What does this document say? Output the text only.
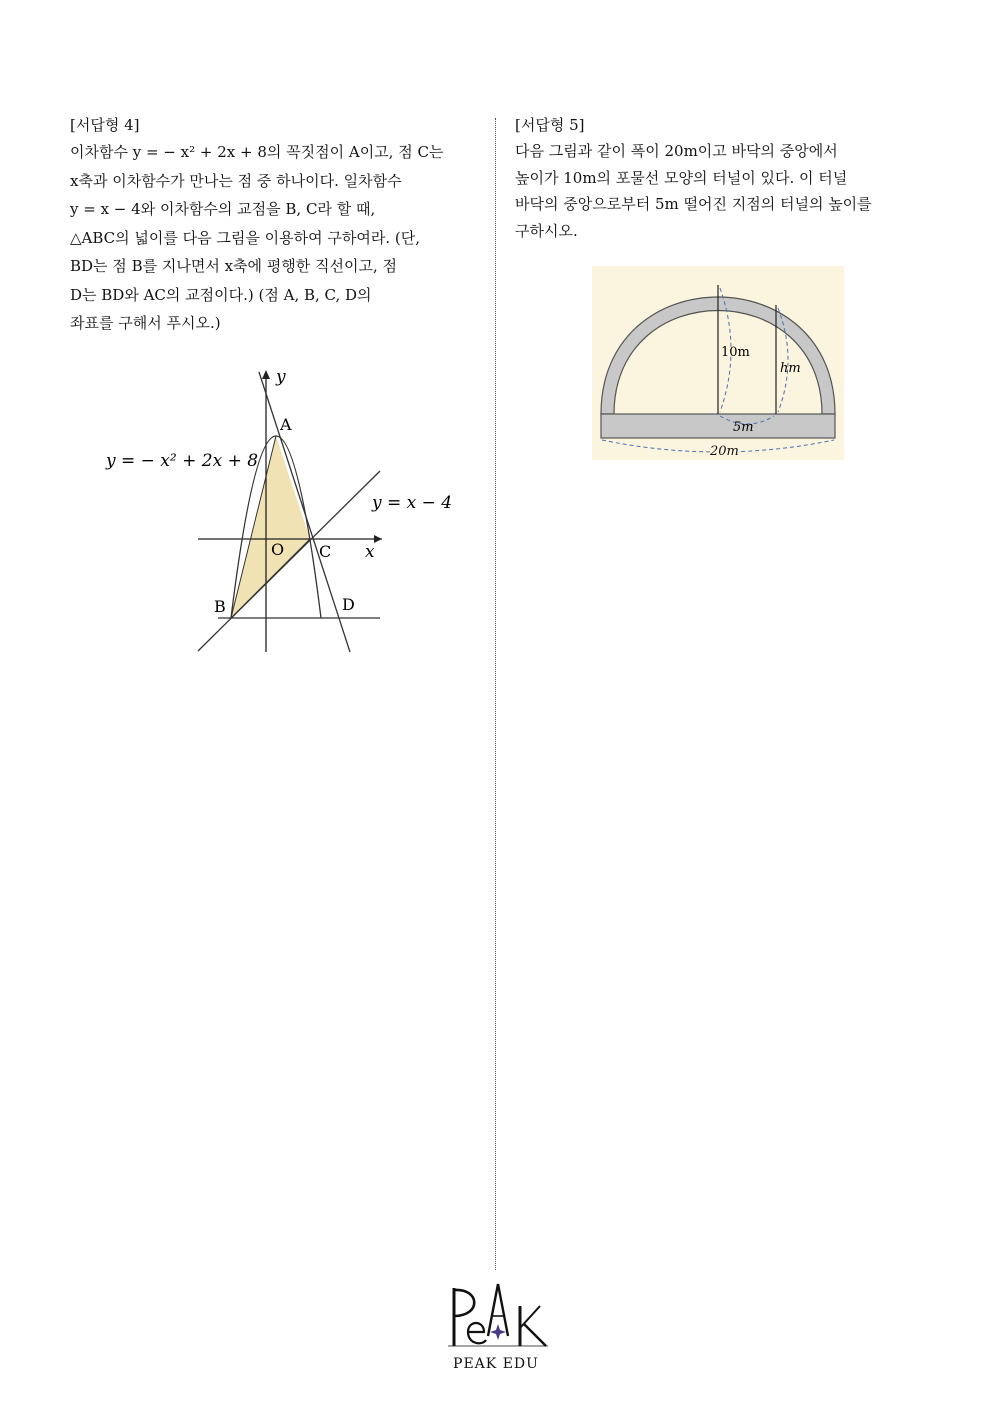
[서답형 4]

이차함수 y = − x² + 2x + 8의 꼭짓점이 A이고, 점 C는
x축과 이차함수가 만나는 점 중 하나이다. 일차함수
y = x − 4와 이차함수의 교점을 B, C라 할 때,
△ABC의 넓이를 다음 그림을 이용하여 구하여라. (단,
BD는 점 B를 지나면서 x축에 평행한 직선이고, 점
D는 BD와 AC의 교점이다.) (점 A, B, C, D의
좌표를 구해서 푸시오.)

y
x
O
A
B
C
D
y = − x² + 2x + 8
y = x − 4

[서답형 5]

다음 그림과 같이 폭이 20m이고 바닥의 중앙에서
높이가 10m의 포물선 모양의 터널이 있다. 이 터널
바닥의 중앙으로부터 5m 떨어진 지점의 터널의 높이를
구하시오.

10m
hm
5m
20m
PEAK EDU
